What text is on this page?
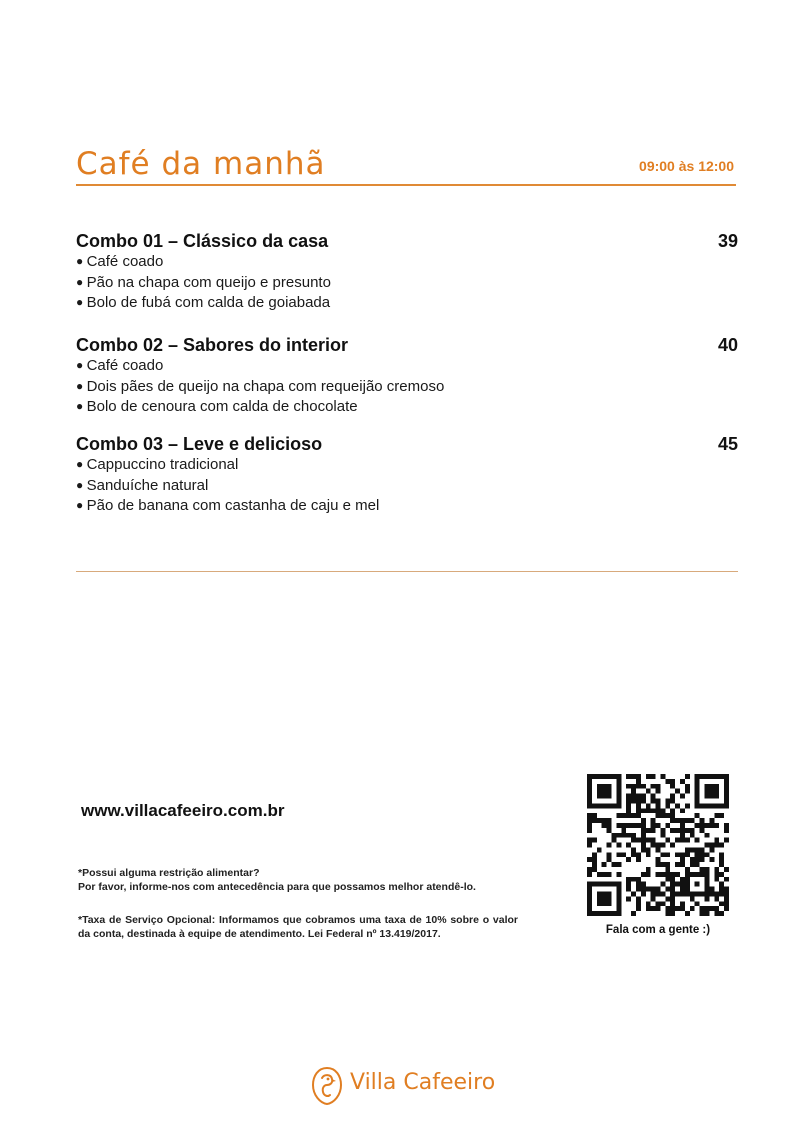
Café da manhã	09:00 às 12:00
Combo 01 – Clássico da casa	39
● Café coado
● Pão na chapa com queijo e presunto
● Bolo de fubá com calda de goiabada
Combo 02 – Sabores do interior	40
● Café coado
● Dois pães de queijo na chapa com requeijão cremoso
● Bolo de cenoura com calda de chocolate
Combo 03 – Leve e delicioso	45
● Cappuccino tradicional
● Sanduíche natural
● Pão de banana com castanha de caju e mel
www.villacafeeiro.com.br
*Possui alguma restrição alimentar?
Por favor, informe-nos com antecedência para que possamos melhor atendê-lo.
*Taxa de Serviço Opcional: Informamos que cobramos uma taxa de 10% sobre o valor da conta, destinada à equipe de atendimento. Lei Federal nº 13.419/2017.	Fala com a gente :)
Villa Cafeeiro
